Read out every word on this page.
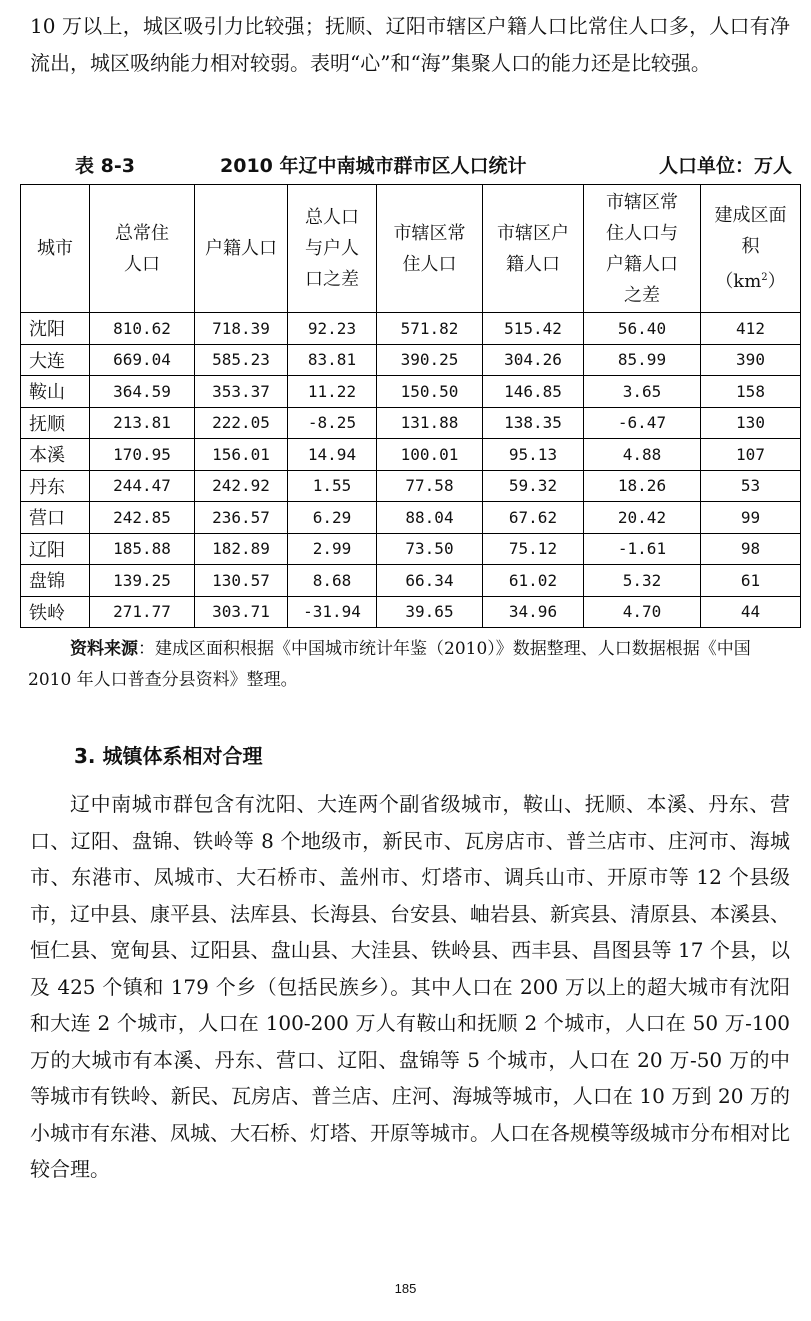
10 万以上，城区吸引力比较强；抚顺、辽阳市辖区户籍人口比常住人口多，人口有净流出，城区吸纳能力相对较弱。表明“心”和“海”集聚人口的能力还是比较强。

表 8-3	2010 年辽中南城市群市区人口统计	人口单位：万人
城市	总常住人口	户籍人口	总人口与户人口之差	市辖区常住人口	市辖区户籍人口	市辖区常住人口与户籍人口之差	建成区面积$(km^2)$
沈阳	810.62	718.39	92.23	571.82	515.42	56.40	412
大连	669.04	585.23	83.81	390.25	304.26	85.99	390
鞍山	364.59	353.37	11.22	150.50	146.85	3.65	158
抚顺	213.81	222.05	-8.25	131.88	138.35	-6.47	130
本溪	170.95	156.01	14.94	100.01	95.13	4.88	107
丹东	244.47	242.92	1.55	77.58	59.32	18.26	53
营口	242.85	236.57	6.29	88.04	67.62	20.42	99
辽阳	185.88	182.89	2.99	73.50	75.12	-1.61	98
盘锦	139.25	130.57	8.68	66.34	61.02	5.32	61
铁岭	271.77	303.71	-31.94	39.65	34.96	4.70	44

资料来源：建成区面积根据《中国城市统计年鉴（2010）》数据整理、人口数据根据《中国 2010 年人口普查分县资料》整理。

3. 城镇体系相对合理

辽中南城市群包含有沈阳、大连两个副省级城市，鞍山、抚顺、本溪、丹东、营口、辽阳、盘锦、铁岭等 8 个地级市，新民市、瓦房店市、普兰店市、庄河市、海城市、东港市、凤城市、大石桥市、盖州市、灯塔市、调兵山市、开原市等 12 个县级市，辽中县、康平县、法库县、长海县、台安县、岫岩县、新宾县、清原县、本溪县、恒仁县、宽甸县、辽阳县、盘山县、大洼县、铁岭县、西丰县、昌图县等 17 个县，以及 425 个镇和 179 个乡（包括民族乡）。其中人口在 200 万以上的超大城市有沈阳和大连 2 个城市，人口在 100-200 万人有鞍山和抚顺 2 个城市，人口在 50 万-100 万的大城市有本溪、丹东、营口、辽阳、盘锦等 5 个城市，人口在 20 万-50 万的中等城市有铁岭、新民、瓦房店、普兰店、庄河、海城等城市，人口在 10 万到 20 万的小城市有东港、凤城、大石桥、灯塔、开原等城市。人口在各规模等级城市分布相对比较合理。

185
